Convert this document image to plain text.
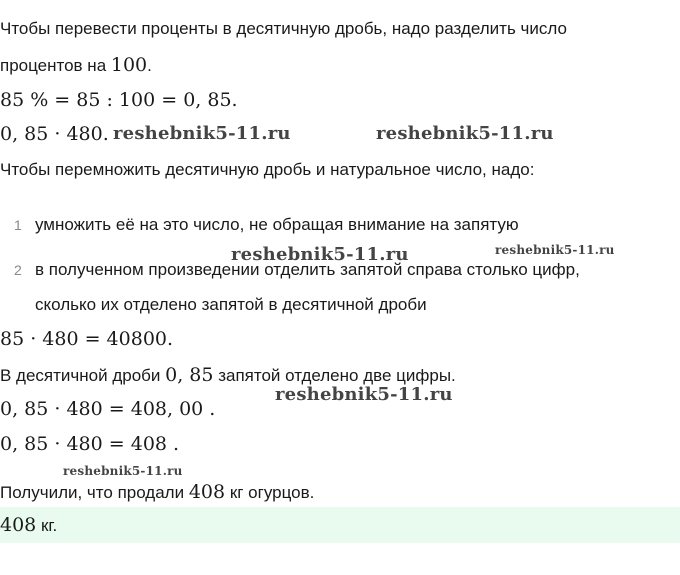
Чтобы перевести проценты в десятичную дробь, надо разделить число
процентов на 100.
85 % = 85 : 100 = 0, 85.
0, 85 · 480. reshebnik5-11.ru	reshebnik5-11.ru
Чтобы перемножить десятичную дробь и натуральное число, надо:
1 умножить её на это число, не обращая внимание на запятую
reshebnik5-11.ru	reshebnik5-11.ru
2 в полученном произведении отделить запятой справа столько цифр,
сколько их отделено запятой в десятичной дроби
85 · 480 = 40800.
В десятичной дроби 0, 85 запятой отделено две цифры.
reshebnik5-11.ru
0, 85 · 480 = 408, 00 .
0, 85 · 480 = 408 .
reshebnik5-11.ru
Получили, что продали 408 кг огурцов.
408 кг.
